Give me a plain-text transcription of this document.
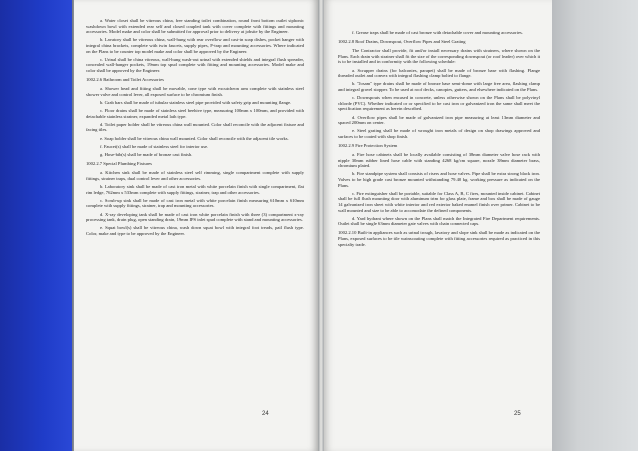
a. Water closet shall be vitreous china, free standing toilet combination, round front bottom outlet siphonic washdown bowl with extended rear self and closed coupled tank with cover complete with fittings and mounting accessories. Model make and color shall be submitted for approval prior to delivery at jobsite by the Engineer.

b. Lavatory shall be vitreous china, wall-hung with rear overflow and cast-in soap dishes, pocket hanger with integral china brackets, complete with twin faucets, supply pipes, P-trap and mounting accessories. Where indicated on the Plans to be counter top model make and color shall be approved by the Engineer.

c. Urinal shall be china vitreous, wall-hung wash-out urinal with extended shields and integral flush spreader, concealed wall-hanger pockets, 19mm top spud complete with fitting and mounting accessories. Model make and color shall be approved by the Engineer.

1002.2.6 Bathroom and Toilet Accessories

a. Shower head and fitting shall be movable, cone type with excutcheon arm complete with stainless steel shower valve and control lever, all exposed surface to be chromium finish.

b. Grab bars shall be made of tubular stainless steel pipe provided with safety grip and mounting flange.

c. Floor drains shall be made of stainless steel beehive type, measuring 100mm x 100mm, and provided with detachable stainless strainer, expanded metal lath type.

d. Toilet paper holder shall be vitreous china wall mounted. Color shall reconcile with the adjacent fixture and facing tiles.

e. Soap holder shall be vitreous china wall mounted. Color shall reconcile with the adjacent tile works.

f. Faucet(s) shall be made of stainless steel for interior use.

g. Hose-bib(s) shall be made of bronze cast finish.

1002.2.7 Special Plumbing Fixtures

a. Kitchen sink shall be made of stainless steel self rimming, single compartment complete with supply fittings, strainer traps, dual control lever and other accessories.

b. Laboratory sink shall be made of cast iron metal with white porcelain finish with single compartment, flat rim ledge, 762mm x 533mm complete with supply fittings, strainer, trap and other accessories.

c. Scrub-up sink shall be made of cast iron metal with white porcelain finish measuring 610mm x 610mm complete with supply fittings, strainer, trap and mounting accessories.

d. X-ray developing tank shall be made of cast iron white porcelain finish with three (3) compartment x-ray processing tank, drain plug, open standing drain, 19mm IPS inlet spud complete with stand and mounting accessories.

e. Squat bowl(s) shall be vitreous china, wash down squat bowl with integral foot treads, pail flush type. Color, make and type to be approved by the Engineer.

24

f. Grease traps shall be made of cast bronze with detachable cover and mounting accessories.

1002.2.8 Roof Drains, Downspout, Overflow Pipes and Steel Grating

The Contractor shall provide, fit and/or install necessary drains with strainers, where shown on the Plans. Each drain with strainer shall fit the size of the corresponding downspout (or roof leader) over which it is to be installed and in conformity with the following schedule:

a. Scrupper drains (for balconies, parapet) shall be made of bronze base with flashing. Flange threaded outlet and convex with integral flashing clamp bolted to flange.

b. "Josam" type drains shall be made of bronze base semi-dome with large free area, flashing clamp and integral gravel stopper. To be used at roof decks, canopies, gutters, and elsewhere indicated on the Plans.

c. Downspouts when encased in concrete, unless otherwise shown on the Plans shall be polyvinyl chlorde (PVC). Whether indicated or or specified to be cast iron or galvanized iron the same shall meet the specification requirement as herein described.

d. Overflow pipes shall be made of galvanized iron pipe measuring at least 13mm diameter and spaced 200mm on center.

e. Steel grating shall be made of wrought iron metals of design on shop drawings approved and surfaces to be coated with shop finish.

1002.2.9 Fire Protection System

a. Fire hose cabinets shall be locally available consisting of 38mm diameter valve hose rack with nipple 30mm rubber lined hose cable with standing 4268 kg/cm square, nozzle 38mm diameter brass, chromium plated.

b. Fire standpipe system shall consists of risers and hose valves. Pipe shall be extra strong black iron. Valves to be high grade cast bronze mounted withstanding 79.40 kg. working pressure as indicated on the Plans.

c. Fire extinguisher shall be portable, suitable for Class A, B, C fires, mounted inside cabinet. Cabinet shall be full flush mounting door with aluminum trim for glass plate, frame and box shall be made of gauge 14 galvanized iron sheet with white interior and red exterior baked enamel finish over primer. Cabinet to be wall mounted and size to be able to accomodate the defined components.

d. Yard hydrant where shown on the Plans shall match the Integrated Fire Department requirements. Outlet shall be single 63mm diameter gate valves with chain connected caps.

1002.2.10 Built-in appliances such as urinal trough, lavatory and slope sink shall be made as indicated on the Plans, exposed surfaces to be tile wainscoating complete with fitting accessories required as practiced in this specialty trade.

25
